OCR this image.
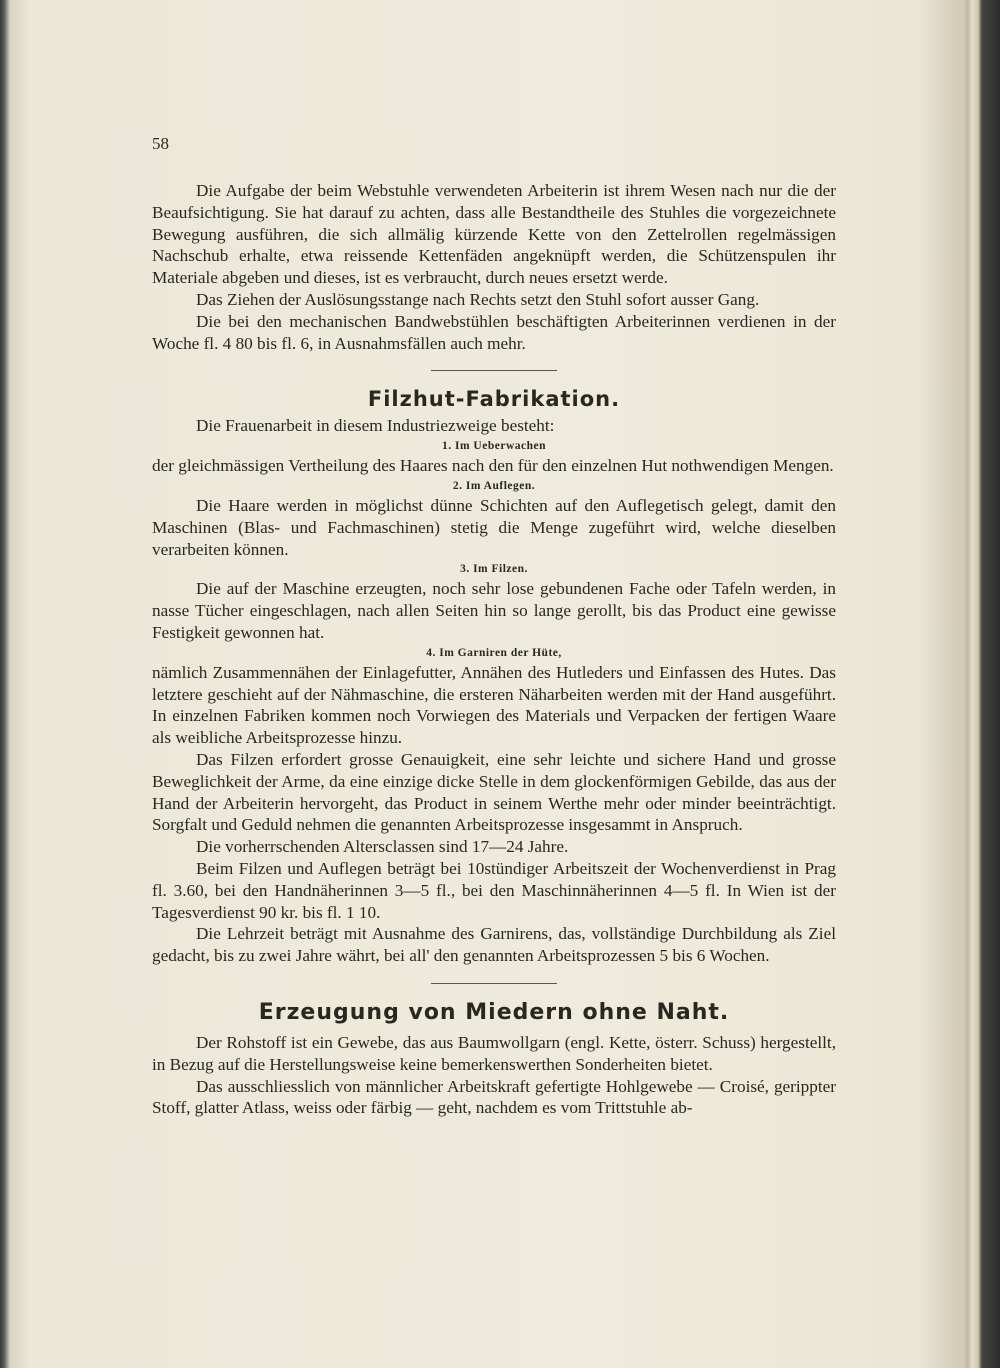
58

Die Aufgabe der beim Webstuhle verwendeten Arbeiterin ist ihrem Wesen nach nur die der Beaufsichtigung. Sie hat darauf zu achten, dass alle Bestandtheile des Stuhles die vorgezeichnete Bewegung ausführen, die sich allmälig kürzende Kette von den Zettelrollen regelmässigen Nachschub erhalte, etwa reissende Kettenfäden angeknüpft werden, die Schützenspulen ihr Materiale abgeben und dieses, ist es verbraucht, durch neues ersetzt werde.

Das Ziehen der Auslösungsstange nach Rechts setzt den Stuhl sofort ausser Gang.

Die bei den mechanischen Bandwebstühlen beschäftigten Arbeiterinnen verdienen in der Woche fl. 4 80 bis fl. 6, in Ausnahmsfällen auch mehr.

Filzhut-Fabrikation.

Die Frauenarbeit in diesem Industriezweige besteht:

1. Im Ueberwachen

der gleichmässigen Vertheilung des Haares nach den für den einzelnen Hut nothwendigen Mengen.

2. Im Auflegen.

Die Haare werden in möglichst dünne Schichten auf den Auflegetisch gelegt, damit den Maschinen (Blas- und Fachmaschinen) stetig die Menge zugeführt wird, welche dieselben verarbeiten können.

3. Im Filzen.

Die auf der Maschine erzeugten, noch sehr lose gebundenen Fache oder Tafeln werden, in nasse Tücher eingeschlagen, nach allen Seiten hin so lange gerollt, bis das Product eine gewisse Festigkeit gewonnen hat.

4. Im Garniren der Hüte,

nämlich Zusammennähen der Einlagefutter, Annähen des Hutleders und Einfassen des Hutes. Das letztere geschieht auf der Nähmaschine, die ersteren Näharbeiten werden mit der Hand ausgeführt. In einzelnen Fabriken kommen noch Vorwiegen des Materials und Verpacken der fertigen Waare als weibliche Arbeitsprozesse hinzu.

Das Filzen erfordert grosse Genauigkeit, eine sehr leichte und sichere Hand und grosse Beweglichkeit der Arme, da eine einzige dicke Stelle in dem glockenförmigen Gebilde, das aus der Hand der Arbeiterin hervorgeht, das Product in seinem Werthe mehr oder minder beeinträchtigt. Sorgfalt und Geduld nehmen die genannten Arbeitsprozesse insgesammt in Anspruch.

Die vorherrschenden Altersclassen sind 17—24 Jahre.

Beim Filzen und Auflegen beträgt bei 10stündiger Arbeitszeit der Wochenverdienst in Prag fl. 3.60, bei den Handnäherinnen 3—5 fl., bei den Maschinnäherinnen 4—5 fl. In Wien ist der Tagesverdienst 90 kr. bis fl. 1 10.

Die Lehrzeit beträgt mit Ausnahme des Garnirens, das, vollständige Durchbildung als Ziel gedacht, bis zu zwei Jahre währt, bei all' den genannten Arbeitsprozessen 5 bis 6 Wochen.

Erzeugung von Miedern ohne Naht.

Der Rohstoff ist ein Gewebe, das aus Baumwollgarn (engl. Kette, österr. Schuss) hergestellt, in Bezug auf die Herstellungsweise keine bemerkenswerthen Sonderheiten bietet.

Das ausschliesslich von männlicher Arbeitskraft gefertigte Hohlgewebe — Croisé, gerippter Stoff, glatter Atlass, weiss oder färbig — geht, nachdem es vom Trittstuhle ab-
